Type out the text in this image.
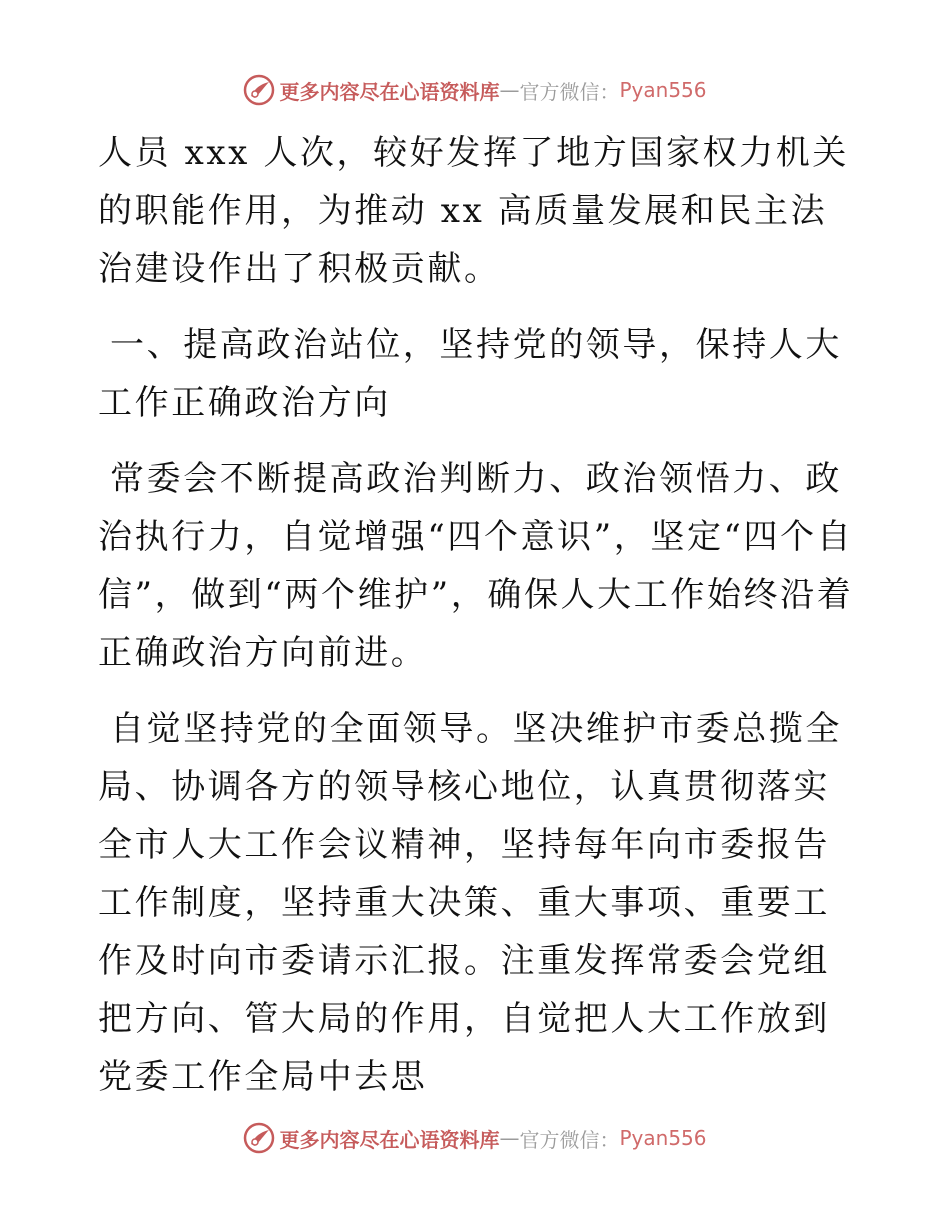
更多内容尽在心语资料库 — 官方微信： Pyan556

人员 xxx 人次，较好发挥了地方国家权力机关的职能作用，为推动 xx 高质量发展和民主法治建设作出了积极贡献。

一、提高政治站位，坚持党的领导，保持人大工作正确政治方向

常委会不断提高政治判断力、政治领悟力、政治执行力，自觉增强“四个意识”，坚定“四个自信”，做到“两个维护”，确保人大工作始终沿着正确政治方向前进。

自觉坚持党的全面领导。坚决维护市委总揽全局、协调各方的领导核心地位，认真贯彻落实全市人大工作会议精神，坚持每年向市委报告工作制度，坚持重大决策、重大事项、重要工作及时向市委请示汇报。注重发挥常委会党组把方向、管大局的作用，自觉把人大工作放到党委工作全局中去思

更多内容尽在心语资料库 — 官方微信： Pyan556
